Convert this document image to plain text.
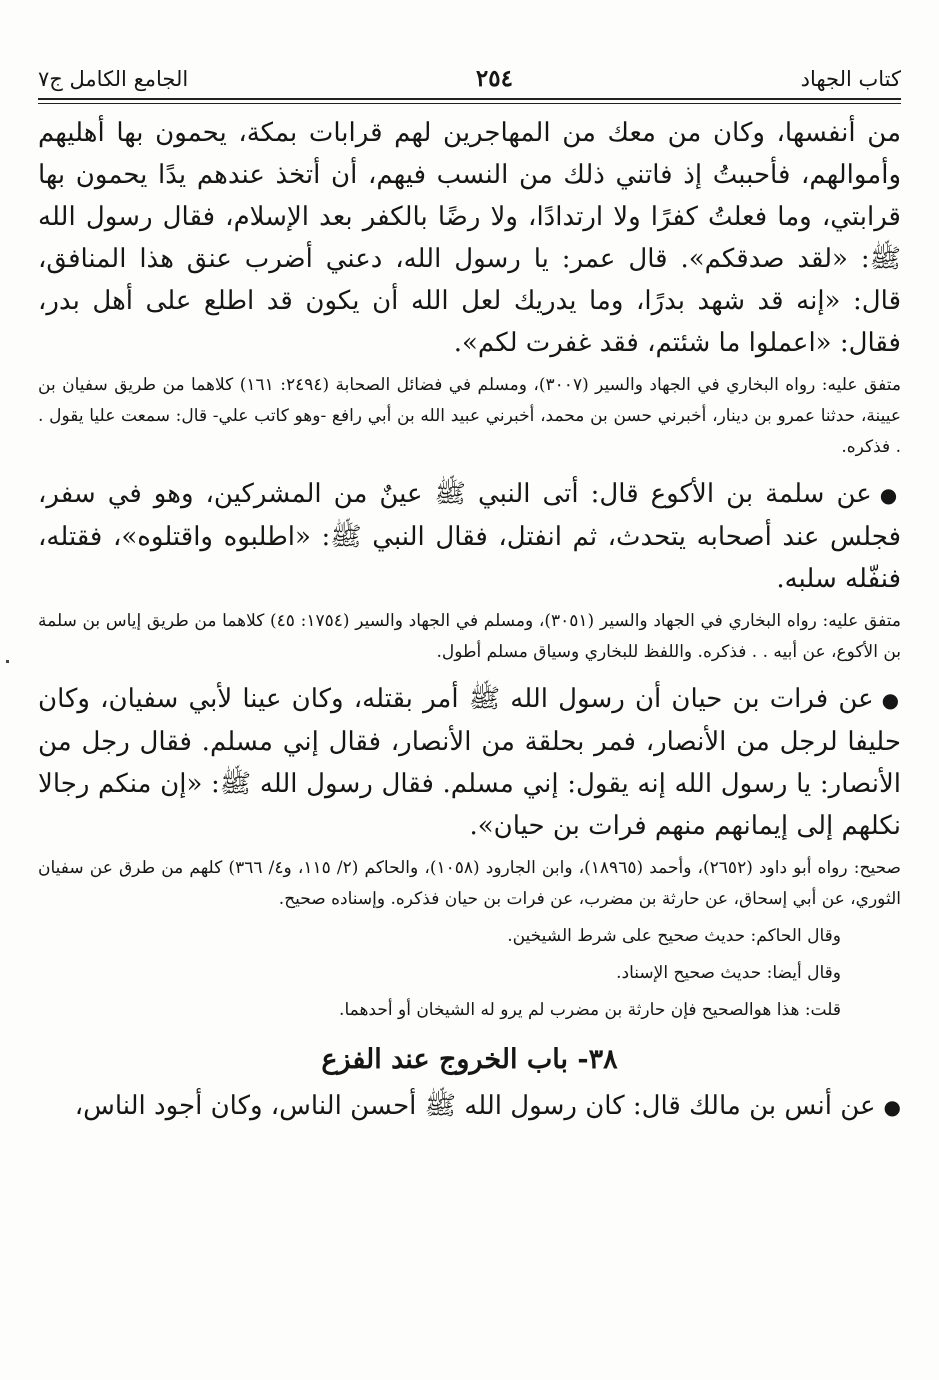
كتاب الجهاد
٢٥٤
الجامع الكامل ج٧

من أنفسها، وكان من معك من المهاجرين لهم قرابات بمكة، يحمون بها أهليهم وأموالهم، فأحببتُ إذ فاتني ذلك من النسب فيهم، أن أتخذ عندهم يدًا يحمون بها قرابتي، وما فعلتُ كفرًا ولا ارتدادًا، ولا رضًا بالكفر بعد الإسلام، فقال رسول الله ﷺ: «لقد صدقكم». قال عمر: يا رسول الله، دعني أضرب عنق هذا المنافق، قال: «إنه قد شهد بدرًا، وما يدريك لعل الله أن يكون قد اطلع على أهل بدر، فقال: «اعملوا ما شئتم، فقد غفرت لكم».

متفق عليه: رواه البخاري في الجهاد والسير (٣٠٠٧)، ومسلم في فضائل الصحابة (٢٤٩٤: ١٦١) كلاهما من طريق سفيان بن عيينة، حدثنا عمرو بن دينار، أخبرني حسن بن محمد، أخبرني عبيد الله بن أبي رافع -وهو كاتب علي- قال: سمعت عليا يقول . . فذكره.

●عن سلمة بن الأكوع قال: أتى النبي ﷺ عينٌ من المشركين، وهو في سفر، فجلس عند أصحابه يتحدث، ثم انفتل، فقال النبي ﷺ: «اطلبوه واقتلوه»، فقتله، فنفّله سلبه.

متفق عليه: رواه البخاري في الجهاد والسير (٣٠٥١)، ومسلم في الجهاد والسير (١٧٥٤: ٤٥) كلاهما من طريق إياس بن سلمة بن الأكوع، عن أبيه . . فذكره. واللفظ للبخاري وسياق مسلم أطول.

●عن فرات بن حيان أن رسول الله ﷺ أمر بقتله، وكان عينا لأبي سفيان، وكان حليفا لرجل من الأنصار، فمر بحلقة من الأنصار، فقال إني مسلم. فقال رجل من الأنصار: يا رسول الله إنه يقول: إني مسلم. فقال رسول الله ﷺ: «إن منكم رجالا نكلهم إلى إيمانهم منهم فرات بن حيان».

صحيح: رواه أبو داود (٢٦٥٢)، وأحمد (١٨٩٦٥)، وابن الجارود (١٠٥٨)، والحاكم (٢/ ١١٥، و٤/ ٣٦٦) كلهم من طرق عن سفيان الثوري، عن أبي إسحاق، عن حارثة بن مضرب، عن فرات بن حيان فذكره. وإسناده صحيح.

وقال الحاكم: حديث صحيح على شرط الشيخين.

وقال أيضا: حديث صحيح الإسناد.

قلت: هذا هوالصحيح فإن حارثة بن مضرب لم يرو له الشيخان أو أحدهما.

٣٨- باب الخروج عند الفزع

●عن أنس بن مالك قال: كان رسول الله ﷺ أحسن الناس، وكان أجود الناس،
